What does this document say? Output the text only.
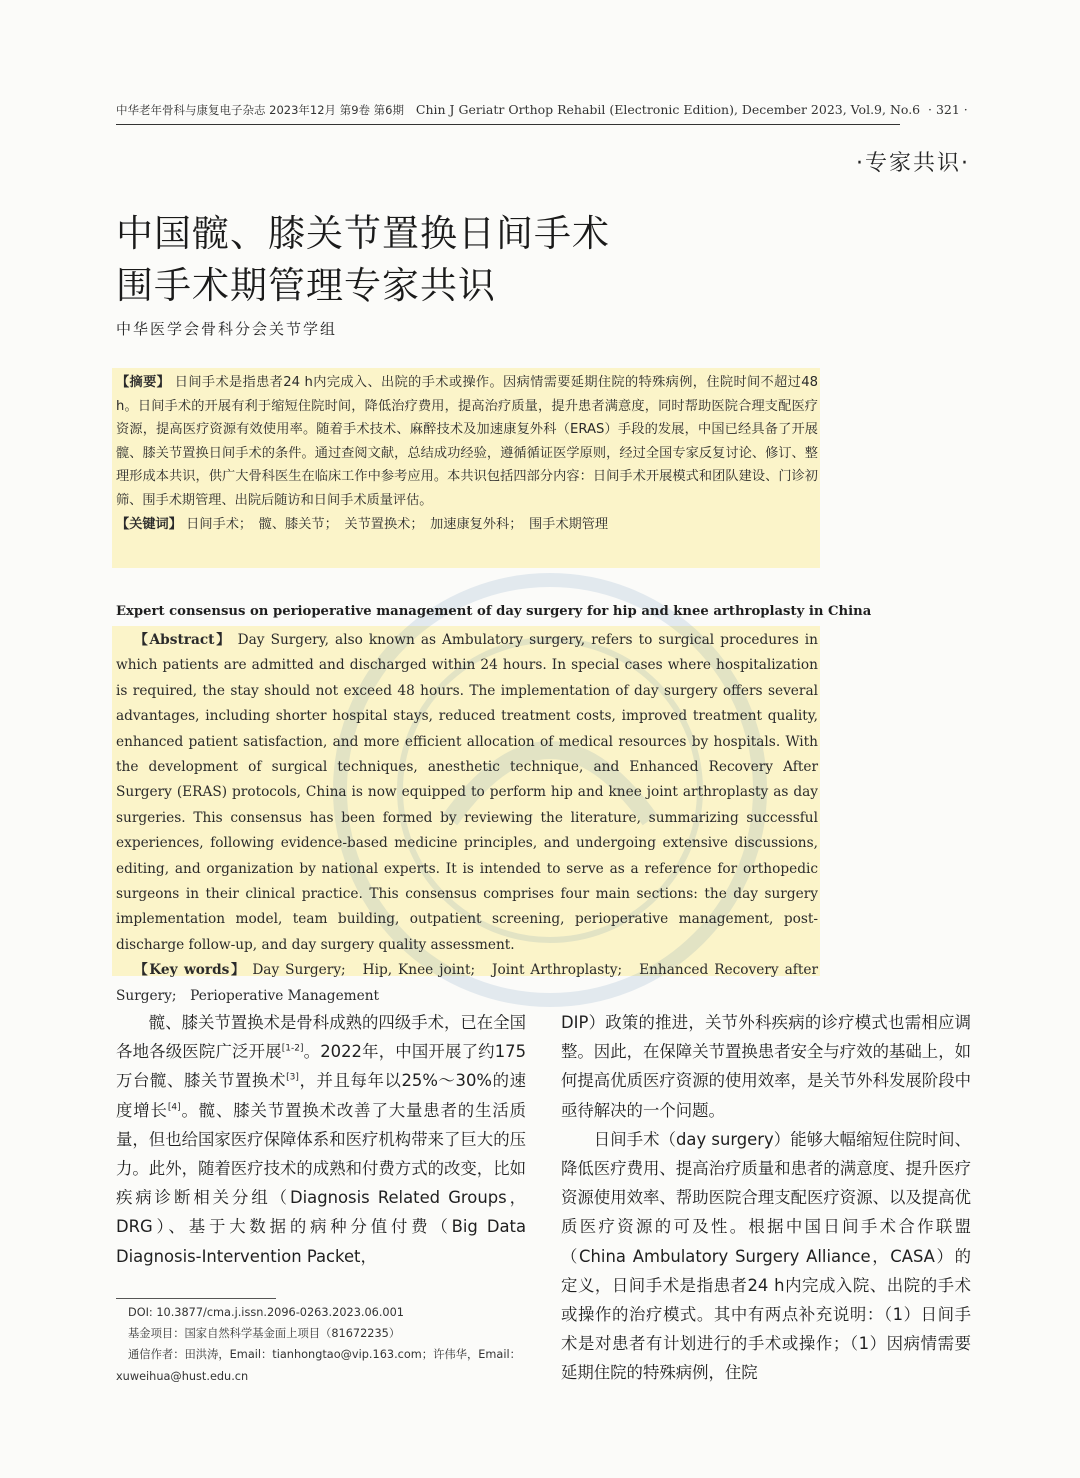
中华老年骨科与康复电子杂志 2023年12月 第9卷 第6期 Chin J Geriatr Orthop Rehabil (Electronic Edition), December 2023, Vol.9, No.6 · 321 ·
·专家共识·
中国髋、膝关节置换日间手术
围手术期管理专家共识
中华医学会骨科分会关节学组
【摘要】 日间手术是指患者24 h内完成入、出院的手术或操作。因病情需要延期住院的特殊病例，住院时间不超过48 h。日间手术的开展有利于缩短住院时间，降低治疗费用，提高治疗质量，提升患者满意度，同时帮助医院合理支配医疗资源，提高医疗资源有效使用率。随着手术技术、麻醉技术及加速康复外科（ERAS）手段的发展，中国已经具备了开展髋、膝关节置换日间手术的条件。通过查阅文献，总结成功经验，遵循循证医学原则，经过全国专家反复讨论、修订、整理形成本共识，供广大骨科医生在临床工作中参考应用。本共识包括四部分内容：日间手术开展模式和团队建设、门诊初筛、围手术期管理、出院后随访和日间手术质量评估。
【关键词】 日间手术；　髋、膝关节；　关节置换术；　加速康复外科；　围手术期管理
Expert consensus on perioperative management of day surgery for hip and knee arthroplasty in China
【Abstract】 Day Surgery, also known as Ambulatory surgery, refers to surgical procedures in which patients are admitted and discharged within 24 hours. In special cases where hospitalization is required, the stay should not exceed 48 hours. The implementation of day surgery offers several advantages, including shorter hospital stays, reduced treatment costs, improved treatment quality, enhanced patient satisfaction, and more efficient allocation of medical resources by hospitals. With the development of surgical techniques, anesthetic technique, and Enhanced Recovery After Surgery (ERAS) protocols, China is now equipped to perform hip and knee joint arthroplasty as day surgeries. This consensus has been formed by reviewing the literature, summarizing successful experiences, following evidence-based medicine principles, and undergoing extensive discussions, editing, and organization by national experts. It is intended to serve as a reference for orthopedic surgeons in their clinical practice. This consensus comprises four main sections: the day surgery implementation model, team building, outpatient screening, perioperative management, post-discharge follow-up, and day surgery quality assessment.
【Key words】 Day Surgery;　Hip, Knee joint;　Joint Arthroplasty;　Enhanced Recovery after Surgery;　Perioperative Management

髋、膝关节置换术是骨科成熟的四级手术，已在全国各地各级医院广泛开展[1-2]。2022年，中国开展了约175万台髋、膝关节置换术[3]，并且每年以25%～30%的速度增长[4]。髋、膝关节置换术改善了大量患者的生活质量，但也给国家医疗保障体系和医疗机构带来了巨大的压力。此外，随着医疗技术的成熟和付费方式的改变，比如疾病诊断相关分组（Diagnosis Related Groups，DRG）、基于大数据的病种分值付费（Big Data Diagnosis-Intervention Packet，

DIP）政策的推进，关节外科疾病的诊疗模式也需相应调整。因此，在保障关节置换患者安全与疗效的基础上，如何提高优质医疗资源的使用效率，是关节外科发展阶段中亟待解决的一个问题。

日间手术（day surgery）能够大幅缩短住院时间、降低医疗费用、提高治疗质量和患者的满意度、提升医疗资源使用效率、帮助医院合理支配医疗资源、以及提高优质医疗资源的可及性。根据中国日间手术合作联盟（China Ambulatory Surgery Alliance，CASA）的定义，日间手术是指患者24 h内完成入院、出院的手术或操作的治疗模式。其中有两点补充说明：（1）日间手术是对患者有计划进行的手术或操作；（1）因病情需要延期住院的特殊病例，住院

DOI: 10.3877/cma.j.issn.2096-0263.2023.06.001
基金项目：国家自然科学基金面上项目（81672235）
通信作者：田洪涛，Email：tianhongtao@vip.163.com；许伟华，Email：
xuweihua@hust.edu.cn
